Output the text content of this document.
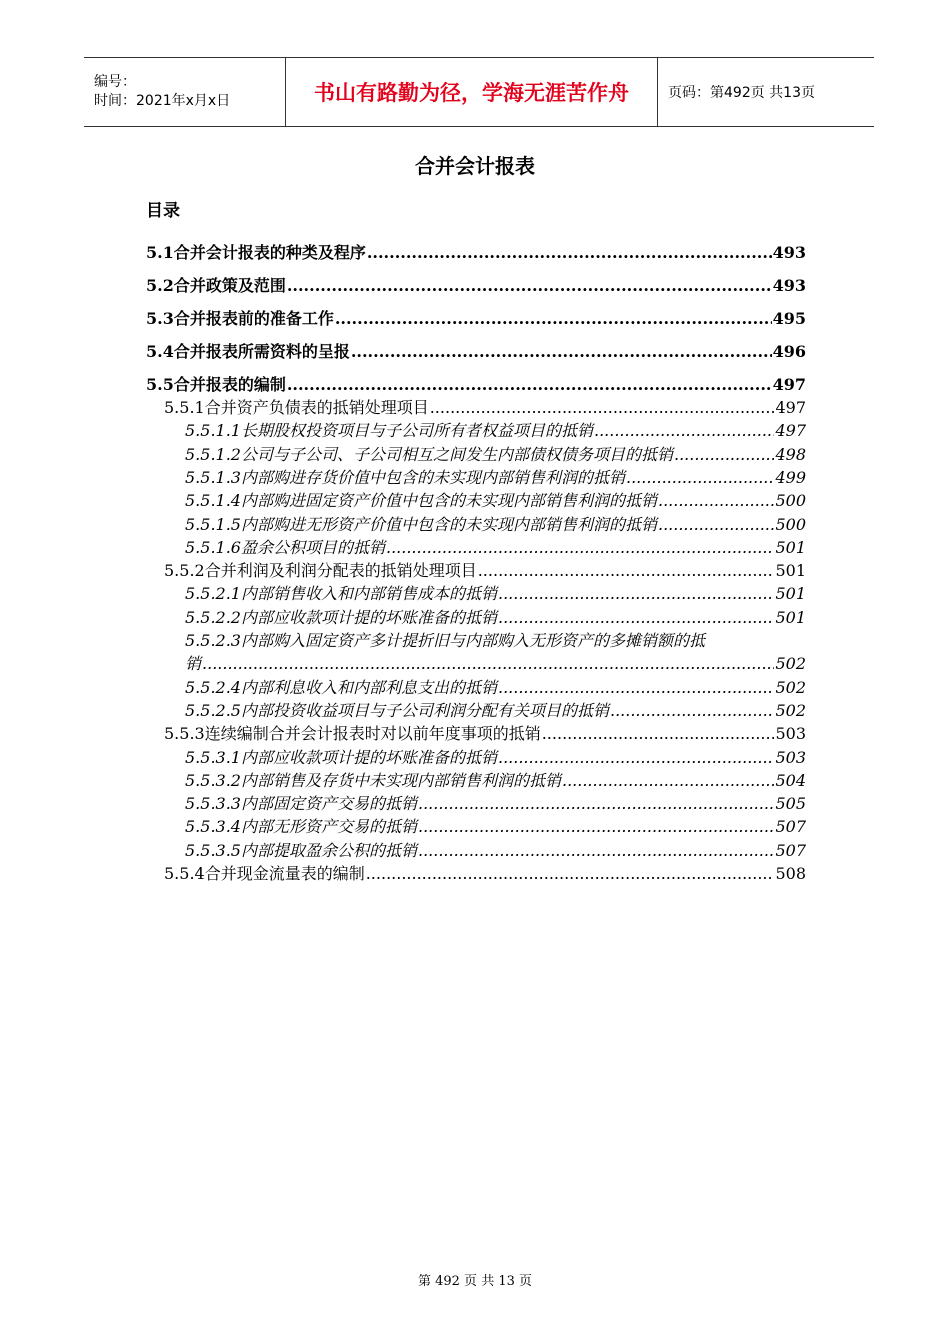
编号：
时间：2021年x月x日	书山有路勤为径，学海无涯苦作舟	页码：第492页 共13页
合并会计报表
目录
5.1合并会计报表的种类及程序 .....	493
5.2合并政策及范围 .....	493
5.3合并报表前的准备工作 .....	495
5.4合并报表所需资料的呈报 .....	496
5.5合并报表的编制 .....	497
5.5.1合并资产负债表的抵销处理项目 .....	497
5.5.1.1长期股权投资项目与子公司所有者权益项目的抵销 .....	497
5.5.1.2公司与子公司、子公司相互之间发生内部债权债务项目的抵销 .....	498
5.5.1.3内部购进存货价值中包含的未实现内部销售利润的抵销 .....	499
5.5.1.4内部购进固定资产价值中包含的未实现内部销售利润的抵销 .....	500
5.5.1.5内部购进无形资产价值中包含的未实现内部销售利润的抵销 .....	500
5.5.1.6盈余公积项目的抵销 .....	501
5.5.2合并利润及利润分配表的抵销处理项目 .....	501
5.5.2.1内部销售收入和内部销售成本的抵销 .....	501
5.5.2.2内部应收款项计提的坏账准备的抵销 .....	501
5.5.2.3内部购入固定资产多计提折旧与内部购入无形资产的多摊销额的抵
销 .....	502
5.5.2.4内部利息收入和内部利息支出的抵销 .....	502
5.5.2.5内部投资收益项目与子公司利润分配有关项目的抵销 .....	502
5.5.3连续编制合并会计报表时对以前年度事项的抵销 .....	503
5.5.3.1内部应收款项计提的坏账准备的抵销 .....	503
5.5.3.2内部销售及存货中未实现内部销售利润的抵销 .....	504
5.5.3.3内部固定资产交易的抵销 .....	505
5.5.3.4内部无形资产交易的抵销 .....	507
5.5.3.5内部提取盈余公积的抵销 .....	507
5.5.4合并现金流量表的编制 .....	508
第 492 页 共 13 页
